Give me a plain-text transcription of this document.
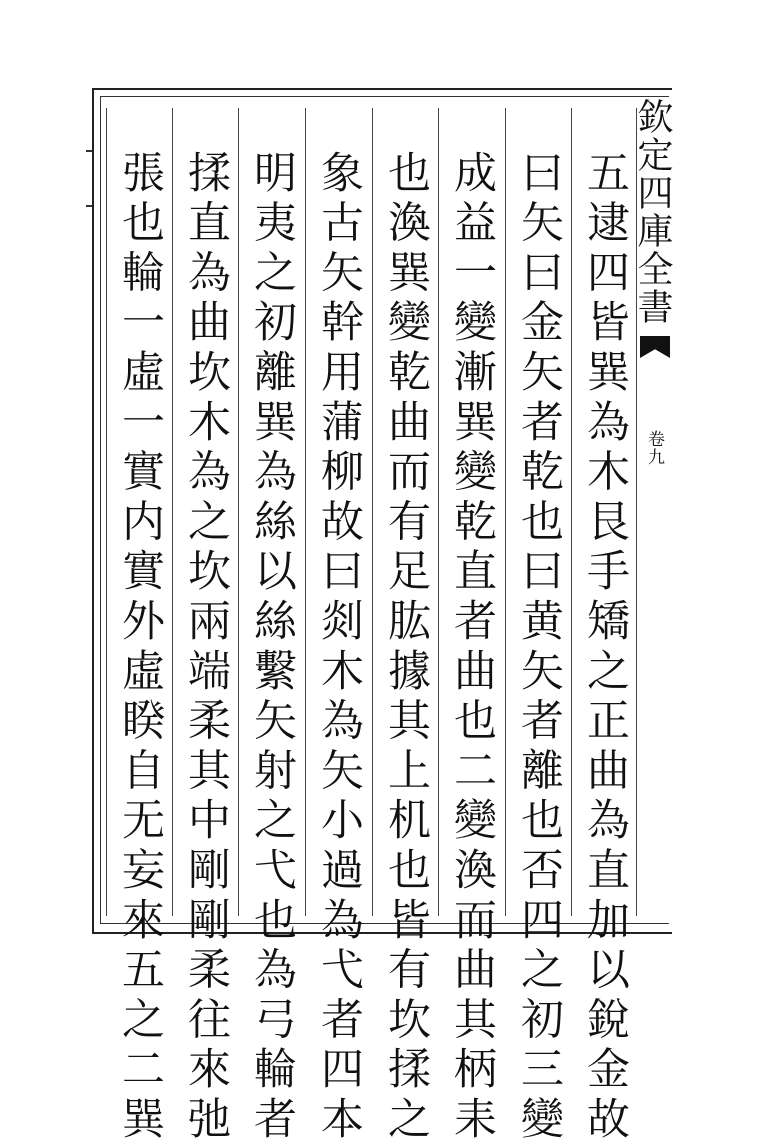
欽定四庫全書
卷九
五逮四皆巽為木艮手矯之正曲為直加以銳金故
曰矢曰金矢者乾也曰黄矢者離也否四之初三變
成益一變漸巽變乾直者曲也二變渙而曲其柄耒
也渙巽變乾曲而有足肱據其上机也皆有坎揉之
象古矢幹用蒲柳故曰剡木為矢小過為弋者四本
明夷之初離巽為絲以絲繫矢射之弋也為弓輪者
揉直為曲坎木為之坎兩端柔其中剛剛柔往來弛
張也輪一虛一實内實外虛睽自无妄來五之二巽
